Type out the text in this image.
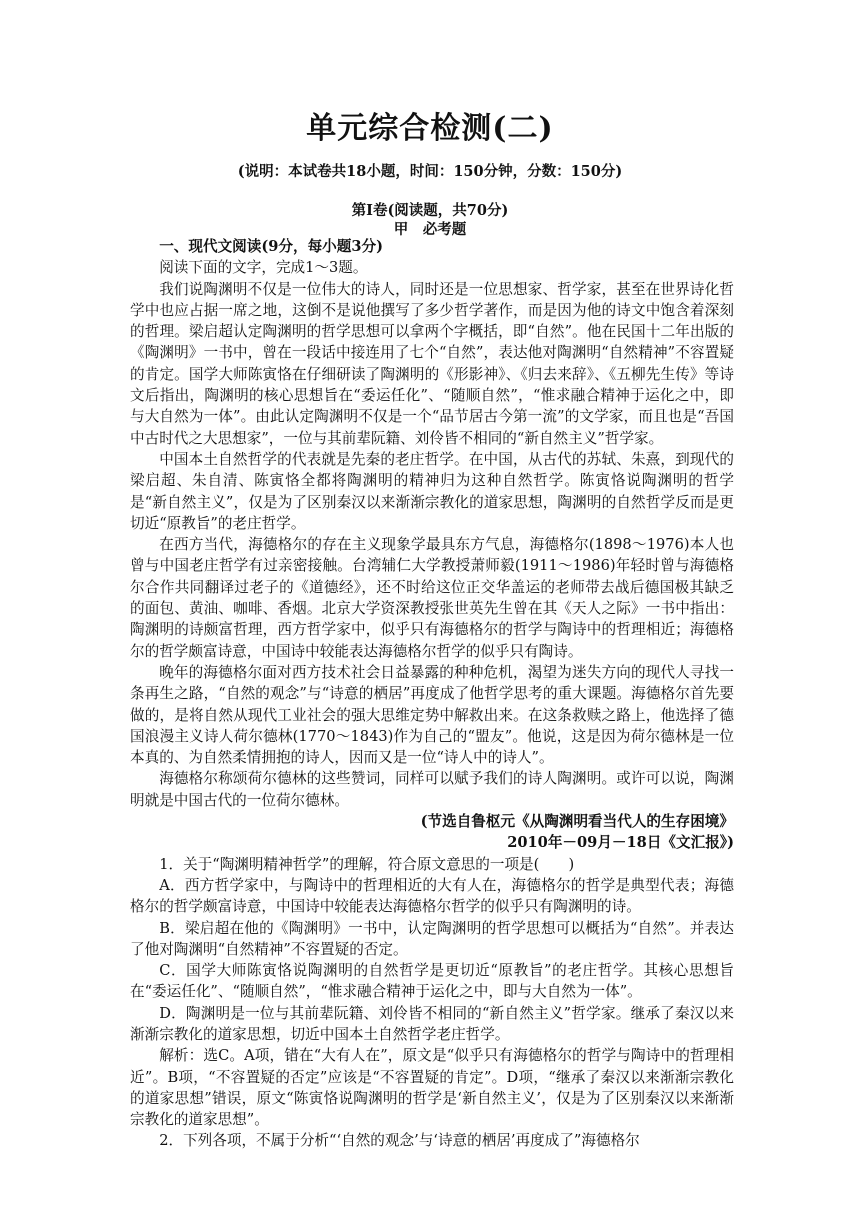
单元综合检测(二)
(说明：本试卷共18小题，时间：150分钟，分数：150分)
第Ⅰ卷(阅读题，共70分)
甲　必考题

一、现代文阅读(9分，每小题3分)

阅读下面的文字，完成1～3题。

我们说陶渊明不仅是一位伟大的诗人，同时还是一位思想家、哲学家，甚至在世界诗化哲学中也应占据一席之地，这倒不是说他撰写了多少哲学著作，而是因为他的诗文中饱含着深刻的哲理。梁启超认定陶渊明的哲学思想可以拿两个字概括，即“自然”。他在民国十二年出版的《陶渊明》一书中，曾在一段话中接连用了七个“自然”，表达他对陶渊明“自然精神”不容置疑的肯定。国学大师陈寅恪在仔细研读了陶渊明的《形影神》、《归去来辞》、《五柳先生传》等诗文后指出，陶渊明的核心思想旨在“委运任化”、“随顺自然”，“惟求融合精神于运化之中，即与大自然为一体”。由此认定陶渊明不仅是一个“品节居古今第一流”的文学家，而且也是“吾国中古时代之大思想家”，一位与其前辈阮籍、刘伶皆不相同的“新自然主义”哲学家。

中国本土自然哲学的代表就是先秦的老庄哲学。在中国，从古代的苏轼、朱熹，到现代的梁启超、朱自清、陈寅恪全都将陶渊明的精神归为这种自然哲学。陈寅恪说陶渊明的哲学是“新自然主义”，仅是为了区别秦汉以来渐渐宗教化的道家思想，陶渊明的自然哲学反而是更切近“原教旨”的老庄哲学。

在西方当代，海德格尔的存在主义现象学最具东方气息，海德格尔(1898～1976)本人也曾与中国老庄哲学有过亲密接触。台湾辅仁大学教授萧师毅(1911～1986)年轻时曾与海德格尔合作共同翻译过老子的《道德经》，还不时给这位正交华盖运的老师带去战后德国极其缺乏的面包、黄油、咖啡、香烟。北京大学资深教授张世英先生曾在其《天人之际》一书中指出：陶渊明的诗颇富哲理，西方哲学家中，似乎只有海德格尔的哲学与陶诗中的哲理相近；海德格尔的哲学颇富诗意，中国诗中较能表达海德格尔哲学的似乎只有陶诗。

晚年的海德格尔面对西方技术社会日益暴露的种种危机，渴望为迷失方向的现代人寻找一条再生之路，“自然的观念”与“诗意的栖居”再度成了他哲学思考的重大课题。海德格尔首先要做的，是将自然从现代工业社会的强大思维定势中解救出来。在这条救赎之路上，他选择了德国浪漫主义诗人荷尔德林(1770～1843)作为自己的“盟友”。他说，这是因为荷尔德林是一位本真的、为自然柔情拥抱的诗人，因而又是一位“诗人中的诗人”。

海德格尔称颂荷尔德林的这些赞词，同样可以赋予我们的诗人陶渊明。或许可以说，陶渊明就是中国古代的一位荷尔德林。

(节选自鲁枢元《从陶渊明看当代人的生存困境》

2010年－09月－18日《文汇报》)

1．关于“陶渊明精神哲学”的理解，符合原文意思的一项是(　　)

A．西方哲学家中，与陶诗中的哲理相近的大有人在，海德格尔的哲学是典型代表；海德格尔的哲学颇富诗意，中国诗中较能表达海德格尔哲学的似乎只有陶渊明的诗。

B．梁启超在他的《陶渊明》一书中，认定陶渊明的哲学思想可以概括为“自然”。并表达了他对陶渊明“自然精神”不容置疑的否定。

C．国学大师陈寅恪说陶渊明的自然哲学是更切近“原教旨”的老庄哲学。其核心思想旨在“委运任化”、“随顺自然”，“惟求融合精神于运化之中，即与大自然为一体”。

D．陶渊明是一位与其前辈阮籍、刘伶皆不相同的“新自然主义”哲学家。继承了秦汉以来渐渐宗教化的道家思想，切近中国本土自然哲学老庄哲学。

解析：选C。A项，错在“大有人在”，原文是“似乎只有海德格尔的哲学与陶诗中的哲理相近”。B项，“不容置疑的否定”应该是“不容置疑的肯定”。D项，“继承了秦汉以来渐渐宗教化的道家思想”错误，原文“陈寅恪说陶渊明的哲学是‘新自然主义’，仅是为了区别秦汉以来渐渐宗教化的道家思想”。

2．下列各项，不属于分析“‘自然的观念’与‘诗意的栖居’再度成了”海德格尔
